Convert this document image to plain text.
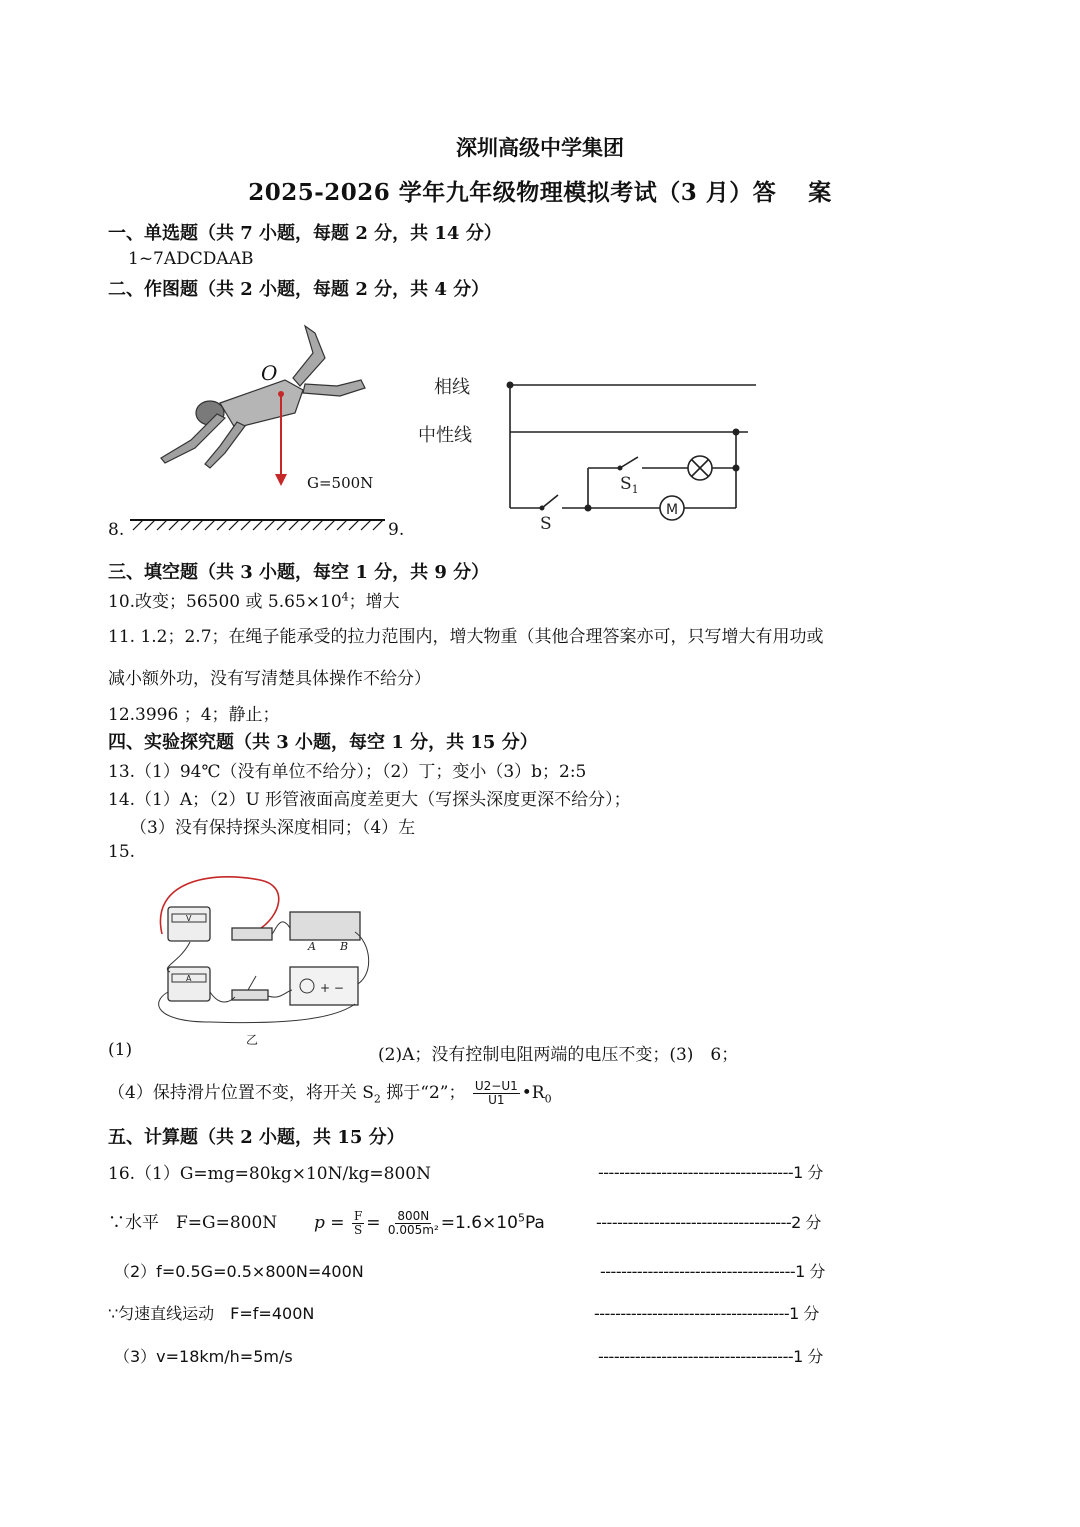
深圳高级中学集团
2025-2026 学年九年级物理模拟考试（3 月）答　 案
一、单选题（共 7 小题，每题 2 分，共 14 分）
1~7ADCDAAB
二、作图题（共 2 小题，每题 2 分，共 4 分）
8.
O
G=500N
9.
相线
中性线
M
S
$S_1$
三、填空题（共 3 小题，每空 1 分，共 9 分）
10.改变；56500 或 $5.65\times 10^4$；增大
11. 1.2；2.7；在绳子能承受的拉力范围内，增大物重（其他合理答案亦可，只写增大有用功或
减小额外功，没有写清楚具体操作不给分）
12.3996 ；4；静止；
四、实验探究题（共 3 小题，每空 1 分，共 15 分）
13.（1）94℃（没有单位不给分）；（2）丁；变小（3）b；2:5
14.（1）A；（2）U 形管液面高度差更大（写探头深度更深不给分）；
（3）没有保持探头深度相同；（4）左
15.
+ −
V
A
A B
乙
(1)	(2)A；没有控制电阻两端的电压不变；(3)　6；
（4）保持滑片位置不变，将开关 $S_2$ 掷于“2”； $\frac{U2-U1}{U1}$ $•R_0$
五、计算题（共 2 小题，共 15 分）
16.（1）G=mg=80kg×10N/kg=800N	-------------------------------------1 分
∵水平　F=G=800N $p = \frac{F}{S} = \frac{800N}{\text{0.005m²}} =1.6\times 10^5Pa$	-------------------------------------2 分
（2）f=0.5G=0.5×800N=400N	-------------------------------------1 分
∵匀速直线运动　F=f=400N	-------------------------------------1 分
（3）v=18km/h=5m/s	-------------------------------------1 分
